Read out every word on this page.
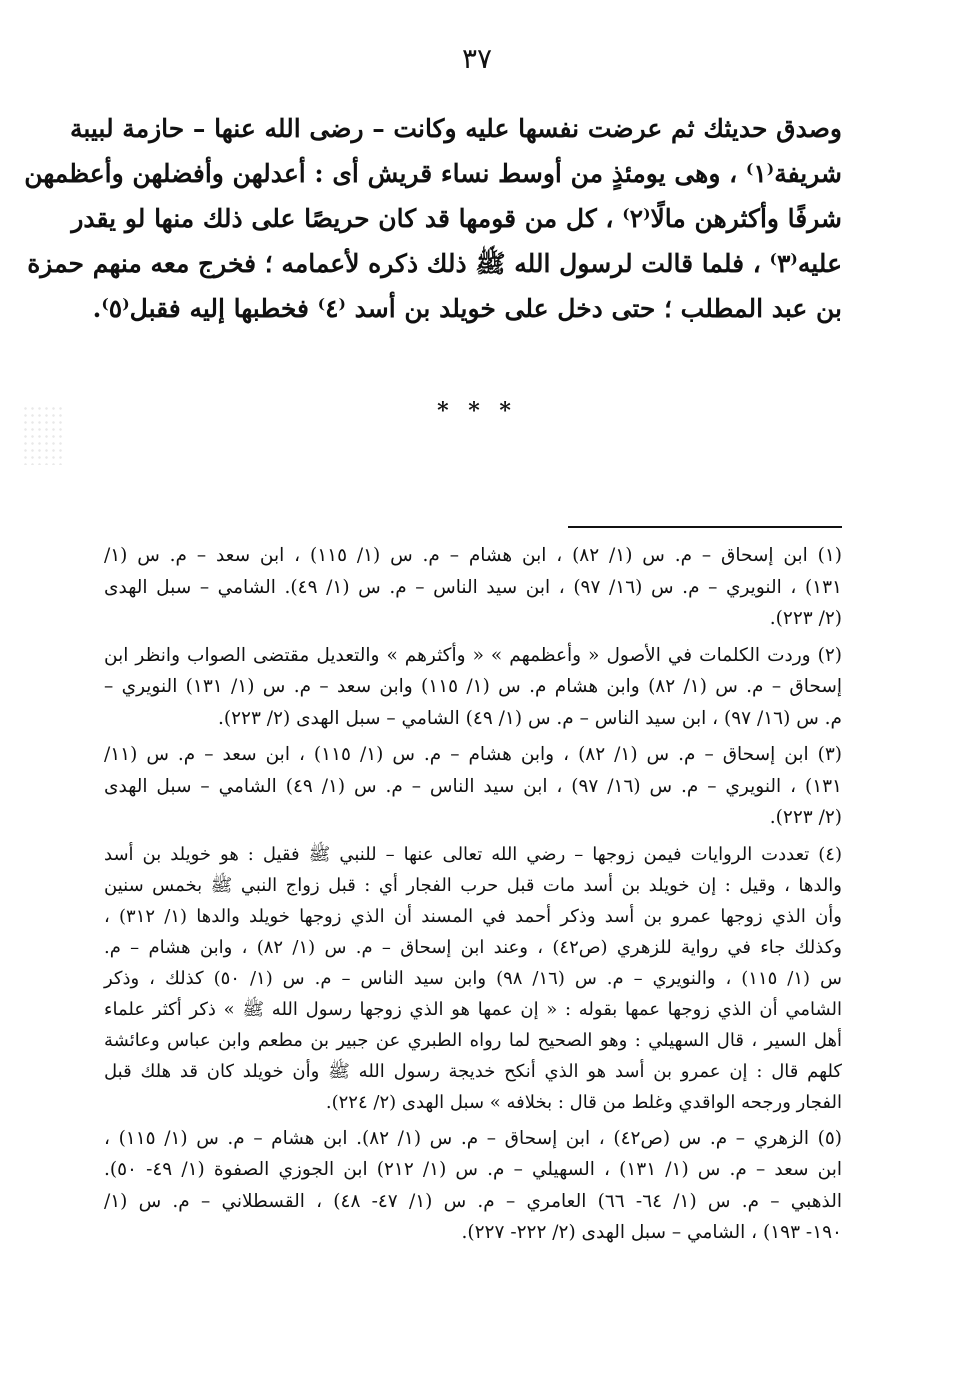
٣٧
وصدق حديثك ثم عرضت نفسها عليه وكانت – رضى الله عنها – حازمة لبيبة
شريفة⁽١⁾ ، وهى يومئذٍ من أوسط نساء قريش أى : أعدلهن وأفضلهن وأعظمهن
شرفًا وأكثرهن مالًا⁽٢⁾ ، كل من قومها قد كان حريصًا على ذلك منها لو يقدر
عليه⁽٣⁾ ، فلما قالت لرسول الله ﷺ ذلك ذكره لأعمامه ؛ فخرج معه منهم حمزة
بن عبد المطلب ؛ حتى دخل على خويلد بن أسد ⁽٤⁾ فخطبها إليه فقبل⁽٥⁾.
* * *
(١) ابن إسحاق – م. س (١/ ٨٢) ، ابن هشام – م. س (١/ ١١٥) ، ابن سعد – م. س (١/
١٣١) ، النويري – م. س (١٦/ ٩٧) ، ابن سيد الناس – م. س (١/ ٤٩). الشامي – سبل الهدى
(٢/ ٢٢٣).
(٢) وردت الكلمات في الأصول « وأعظمهم » « وأكثرهم » والتعديل مقتضى الصواب وانظر ابن
إسحاق – م. س (١/ ٨٢) وابن هشام م. س (١/ ١١٥) وابن سعد – م. س (١/ ١٣١) النويري –
م. س (١٦/ ٩٧) ، ابن سيد الناس – م. س (١/ ٤٩) الشامي – سبل الهدى (٢/ ٢٢٣).
(٣) ابن إسحاق – م. س (١/ ٨٢) ، وابن هشام – م. س (١/ ١١٥) ، ابن سعد – م. س (١١/
١٣١) ، النويري – م. س (١٦/ ٩٧) ، ابن سيد الناس – م. س (١/ ٤٩) الشامي – سبل الهدى
(٢/ ٢٢٣).
(٤) تعددت الروايات فيمن زوجها – رضي الله تعالى عنها – للنبي ﷺ فقيل : هو خويلد بن أسد
والدها ، وقيل : إن خويلد بن أسد مات قبل حرب الفجار أي : قبل زواج النبي ﷺ بخمس سنين
وأن الذي زوجها عمرو بن أسد وذكر أحمد في المسند أن الذي زوجها خويلد والدها (١/ ٣١٢) ،
وكذلك جاء في رواية للزهري (ص٤٢) ، وعند ابن إسحاق – م. س (١/ ٨٢) ، وابن هشام – م.
س (١/ ١١٥) ، والنويري – م. س (١٦/ ٩٨) وابن سيد الناس – م. س (١/ ٥٠) كذلك ، وذكر
الشامي أن الذي زوجها عمها بقوله : « إن عمها هو الذي زوجها رسول الله ﷺ » ذكر أكثر علماء
أهل السير ، قال السهيلي : وهو الصحيح لما رواه الطبري عن جبير بن مطعم وابن عباس وعائشة
كلهم قال : إن عمرو بن أسد هو الذي أنكح خديجة رسول الله ﷺ وأن خويلد كان قد هلك قبل
الفجار ورجحه الواقدي وغلط من قال : بخلافه » سبل الهدى (٢/ ٢٢٤).
(٥) الزهري – م. س (ص٤٢) ، ابن إسحاق – م. س (١/ ٨٢). ابن هشام – م. س (١/ ١١٥) ،
ابن سعد – م. س (١/ ١٣١) ، السهيلي – م. س (١/ ٢١٢) ابن الجوزي الصفوة (١/ ٤٩- ٥٠).
الذهبي – م. س (١/ ٦٤- ٦٦) العامري – م. س (١/ ٤٧- ٤٨) ، القسطلاني – م. س (١/
١٩٠- ١٩٣) ، الشامي – سبل الهدى (٢/ ٢٢٢- ٢٢٧).
